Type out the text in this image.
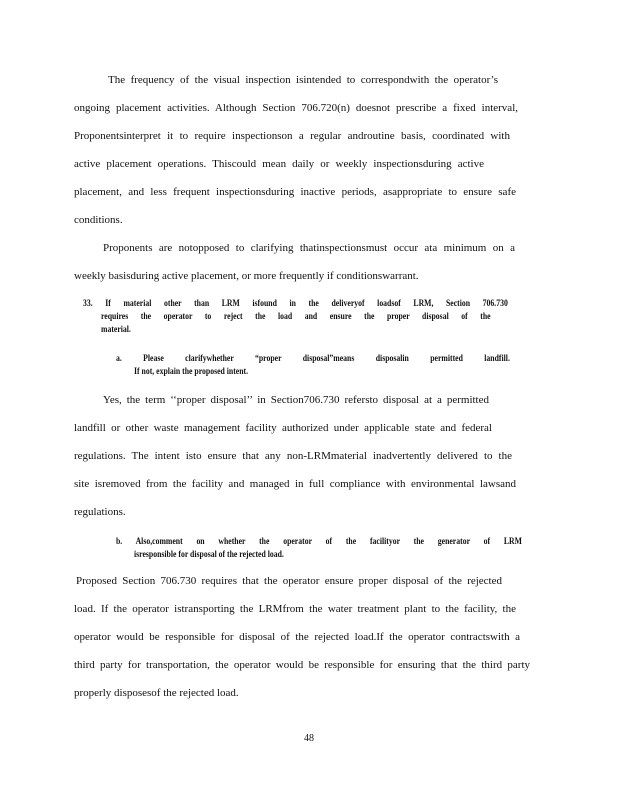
The frequency of the visual inspection isintended to correspondwith the operator’s
ongoing placement activities. Although Section 706.720(n) doesnot prescribe a fixed interval,
Proponentsinterpret it to require inspectionson a regular androutine basis, coordinated with
active placement operations. Thiscould mean daily or weekly inspectionsduring active
placement, and less frequent inspectionsduring inactive periods, asappropriate to ensure safe
conditions.
Proponents are notopposed to clarifying thatinspectionsmust occur ata minimum on a
weekly basisduring active placement, or more frequently if conditionswarrant.
33. If material other than LRM isfound in the deliveryof loadsof LRM, Section 706.730
requires the operator to reject the load and ensure the proper disposal of the
material.
a. Please clarifywhether “proper disposal”means disposalin permitted landfill.
If not, explain the proposed intent.
Yes, the term ‘‘proper disposal’’ in Section706.730 refersto disposal at a permitted
landfill or other waste management facility authorized under applicable state and federal
regulations. The intent isto ensure that any non-LRMmaterial inadvertently delivered to the
site isremoved from the facility and managed in full compliance with environmental lawsand
regulations.
b. Also,comment on whether the operator of the facilityor the generator of LRM
isresponsible for disposal of the rejected load.
Proposed Section 706.730 requires that the operator ensure proper disposal of the rejected
load. If the operator istransporting the LRMfrom the water treatment plant to the facility, the
operator would be responsible for disposal of the rejected load.If the operator contractswith a
third party for transportation, the operator would be responsible for ensuring that the third party
properly disposesof the rejected load.
48
